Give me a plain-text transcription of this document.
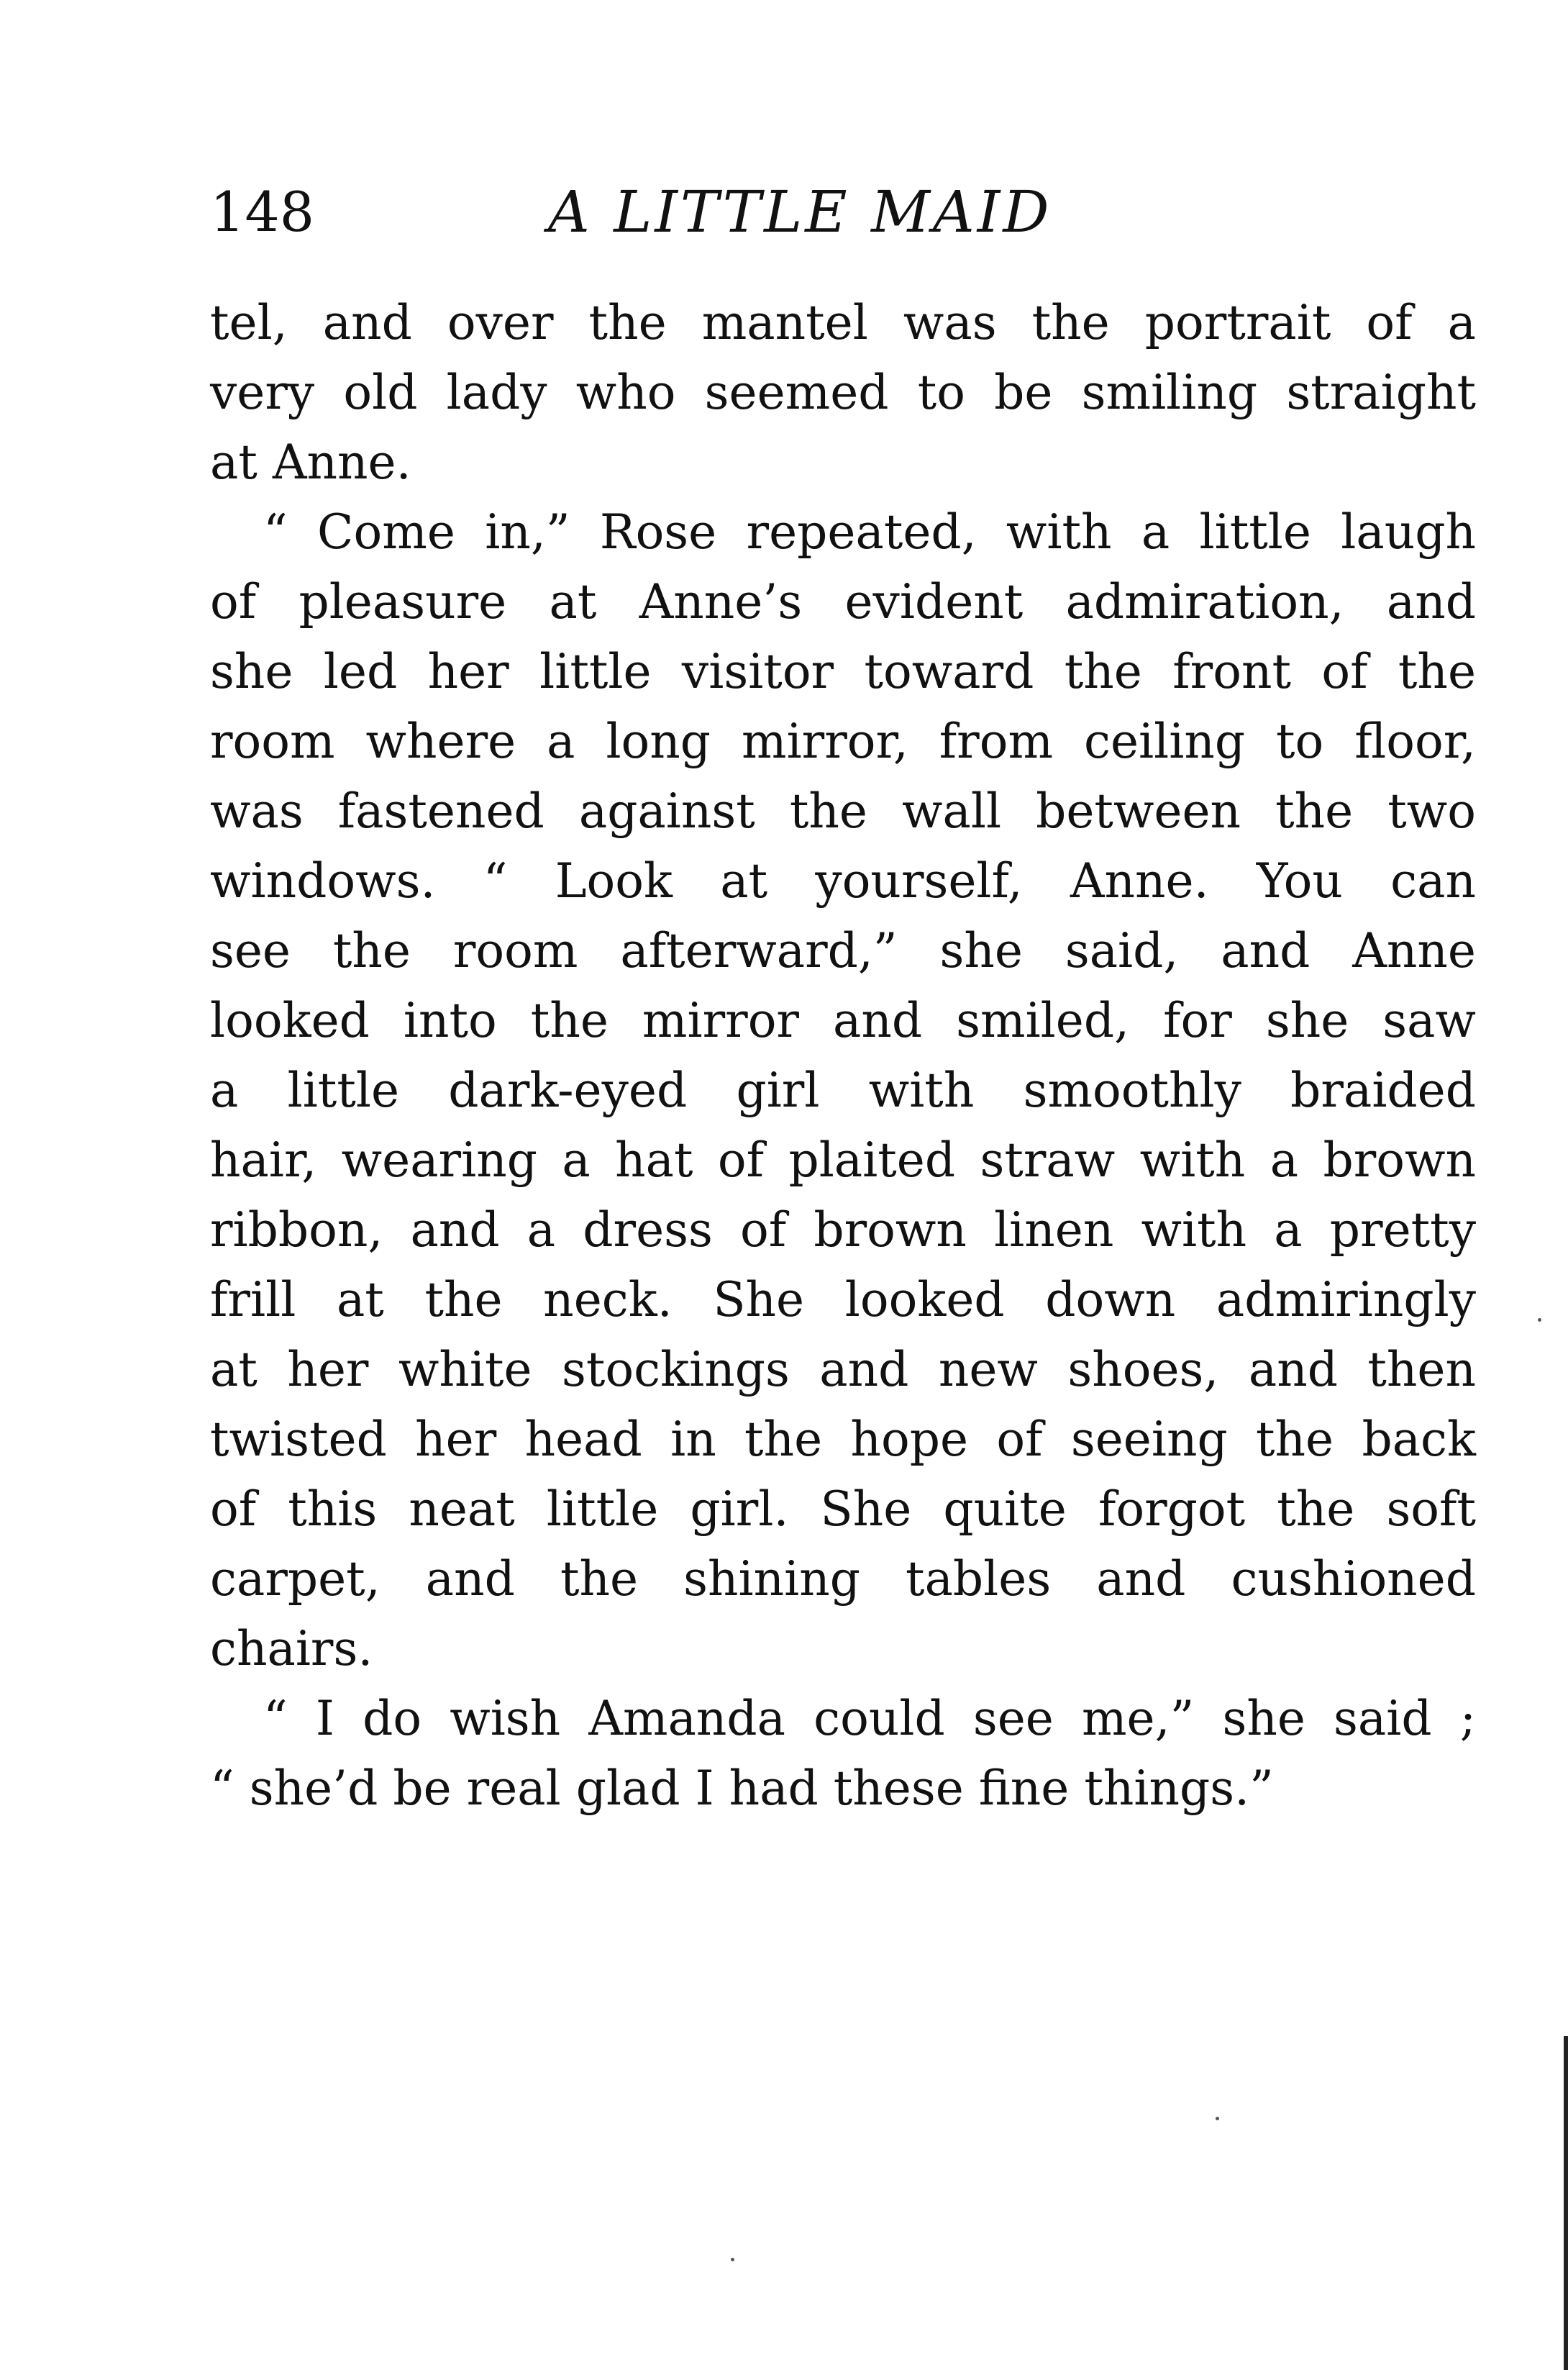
148	A LITTLE MAID
tel, and over the mantel was the portrait of a
very old lady who seemed to be smiling straight
at Anne.
“ Come in,” Rose repeated, with a little laugh
of pleasure at Anne’s evident admiration, and
she led her little visitor toward the front of the
room where a long mirror, from ceiling to floor,
was fastened against the wall between the two
windows. “ Look at yourself, Anne. You can
see the room afterward,” she said, and Anne
looked into the mirror and smiled, for she saw
a little dark-eyed girl with smoothly braided
hair, wearing a hat of plaited straw with a brown
ribbon, and a dress of brown linen with a pretty
frill at the neck. She looked down admiringly
at her white stockings and new shoes, and then
twisted her head in the hope of seeing the back
of this neat little girl. She quite forgot the soft
carpet, and the shining tables and cushioned
chairs.
“ I do wish Amanda could see me,” she said ;
“ she’d be real glad I had these fine things.”
